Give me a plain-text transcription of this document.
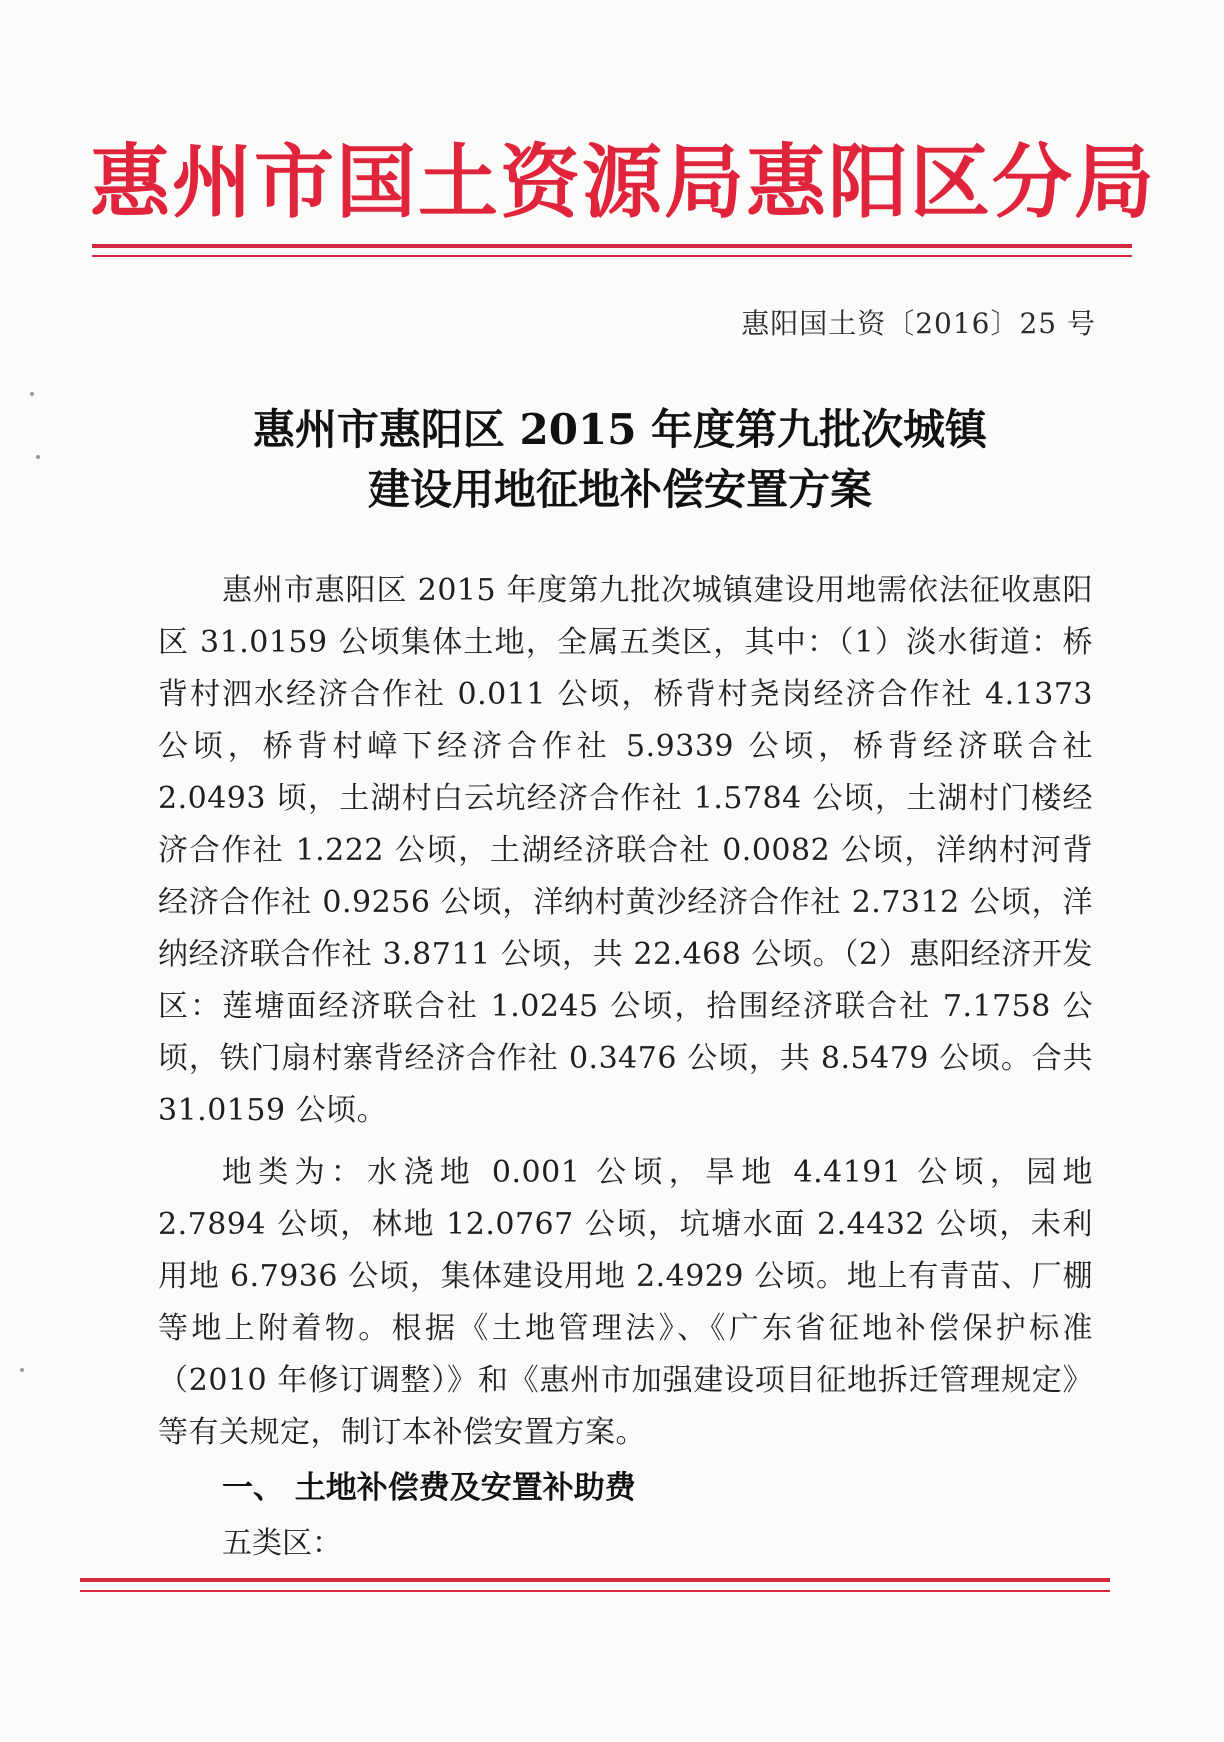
惠州市国土资源局惠阳区分局
惠阳国土资〔2016〕25 号
惠州市惠阳区 2015 年度第九批次城镇
建设用地征地补偿安置方案
惠州市惠阳区 2015 年度第九批次城镇建设用地需依法征收惠阳区 31.0159 公顷集体土地，全属五类区，其中：（1）淡水街道：桥背村泗水经济合作社 0.011 公顷，桥背村尧岗经济合作社 4.1373 公顷，桥背村嶂下经济合作社 5.9339 公顷，桥背经济联合社 2.0493 顷，土湖村白云坑经济合作社 1.5784 公顷，土湖村门楼经济合作社 1.222 公顷，土湖经济联合社 0.0082 公顷，洋纳村河背经济合作社 0.9256 公顷，洋纳村黄沙经济合作社 2.7312 公顷，洋纳经济联合作社 3.8711 公顷，共 22.468 公顷。（2）惠阳经济开发区：莲塘面经济联合社 1.0245 公顷，拾围经济联合社 7.1758 公顷，铁门扇村寨背经济合作社 0.3476 公顷，共 8.5479 公顷。合共 31.0159 公顷。
地类为：水浇地 0.001 公顷，旱地 4.4191 公顷，园地 2.7894 公顷，林地 12.0767 公顷，坑塘水面 2.4432 公顷，未利用地 6.7936 公顷，集体建设用地 2.4929 公顷。地上有青苗、厂棚等地上附着物。根据《土地管理法》、《广东省征地补偿保护标准（2010 年修订调整）》和《惠州市加强建设项目征地拆迁管理规定》等有关规定，制订本补偿安置方案。
一、 土地补偿费及安置补助费
五类区：
